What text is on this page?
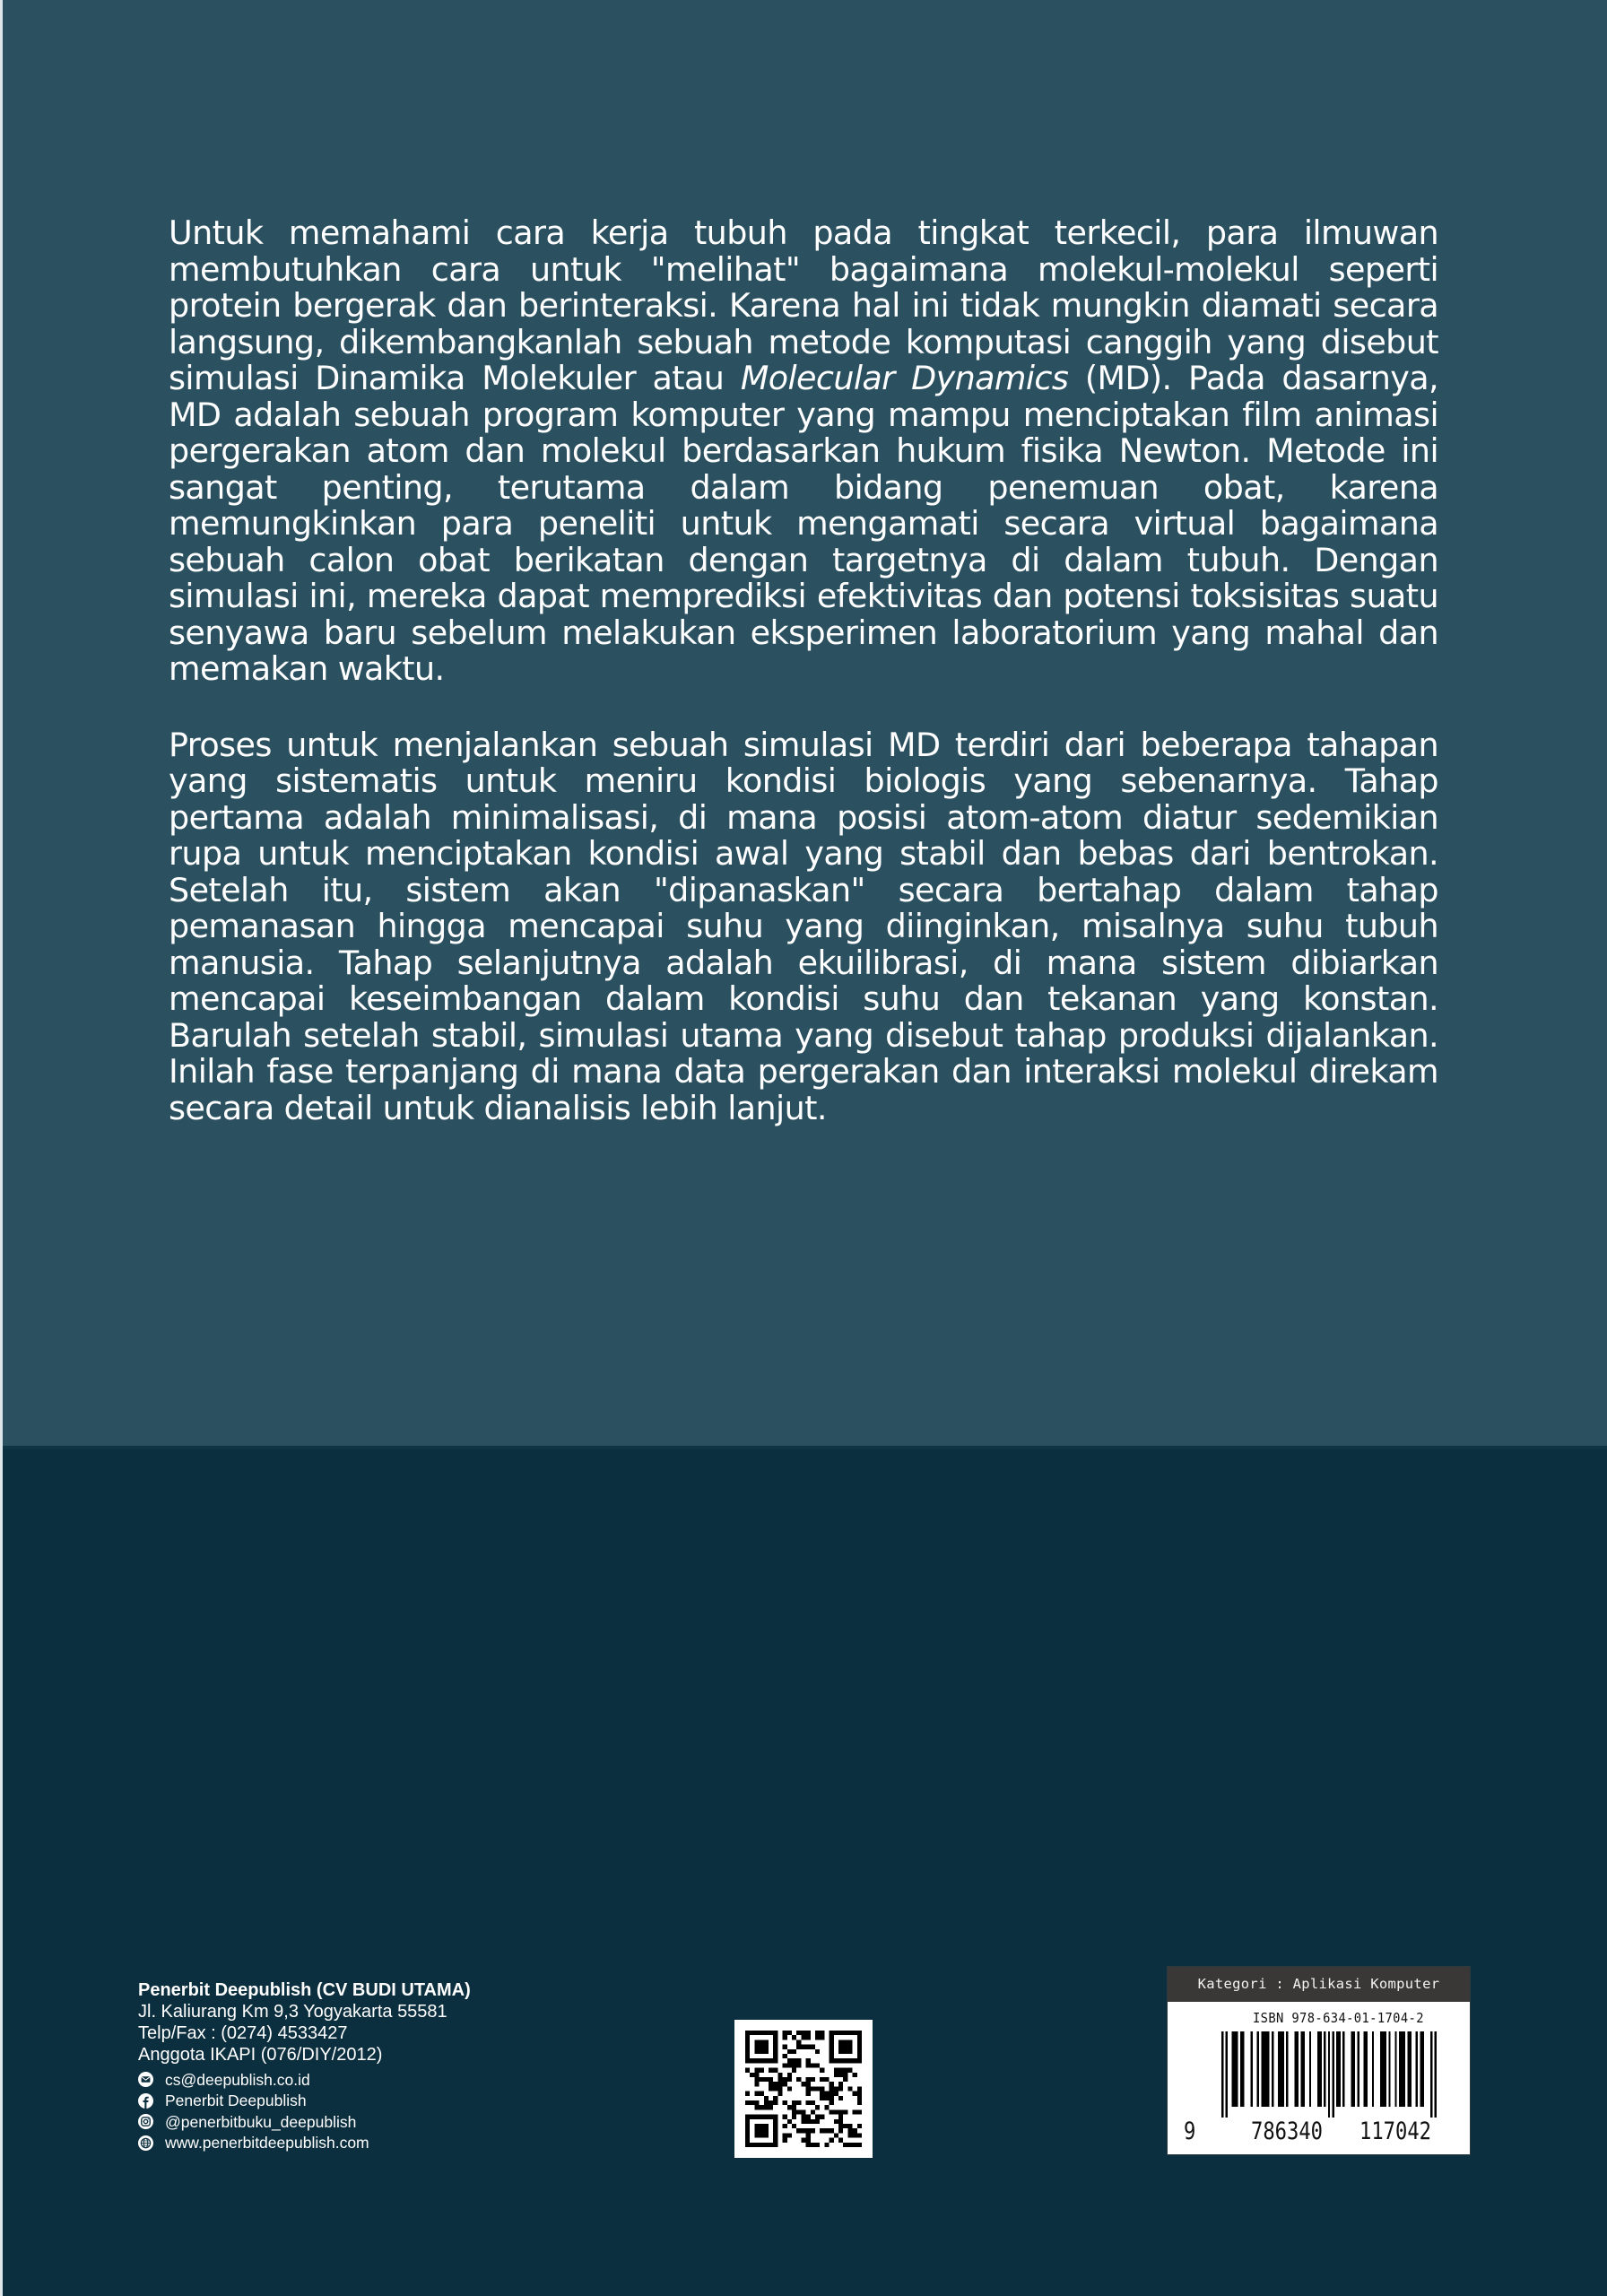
Untuk memahami cara kerja tubuh pada tingkat terkecil, para ilmuwan membutuhkan cara untuk "melihat" bagaimana molekul-molekul seperti protein bergerak dan berinteraksi. Karena hal ini tidak mungkin diamati secara langsung, dikembangkanlah sebuah metode komputasi canggih yang disebut simulasi Dinamika Molekuler atau Molecular Dynamics (MD). Pada dasarnya, MD adalah sebuah program komputer yang mampu menciptakan film animasi pergerakan atom dan molekul berdasarkan hukum fisika Newton. Metode ini sangat penting, terutama dalam bidang penemuan obat, karena memungkinkan para peneliti untuk mengamati secara virtual bagaimana sebuah calon obat berikatan dengan targetnya di dalam tubuh. Dengan simulasi ini, mereka dapat memprediksi efektivitas dan potensi toksisitas suatu senyawa baru sebelum melakukan eksperimen laboratorium yang mahal dan memakan waktu.

Proses untuk menjalankan sebuah simulasi MD terdiri dari beberapa tahapan yang sistematis untuk meniru kondisi biologis yang sebenarnya. Tahap pertama adalah minimalisasi, di mana posisi atom-atom diatur sedemikian rupa untuk menciptakan kondisi awal yang stabil dan bebas dari bentrokan. Setelah itu, sistem akan "dipanaskan" secara bertahap dalam tahap pemanasan hingga mencapai suhu yang diinginkan, misalnya suhu tubuh manusia. Tahap selanjutnya adalah ekuilibrasi, di mana sistem dibiarkan mencapai keseimbangan dalam kondisi suhu dan tekanan yang konstan. Barulah setelah stabil, simulasi utama yang disebut tahap produksi dijalankan. Inilah fase terpanjang di mana data pergerakan dan interaksi molekul direkam secara detail untuk dianalisis lebih lanjut.

Penerbit Deepublish (CV BUDI UTAMA)
Jl. Kaliurang Km 9,3 Yogyakarta 55581
Telp/Fax : (0274) 4533427
Anggota IKAPI (076/DIY/2012)
cs@deepublish.co.id
Penerbit Deepublish
@penerbitbuku_deepublish
www.penerbitdeepublish.com
Kategori : Aplikasi Komputer
ISBN 978-634-01-1704-2
9 786340 117042
